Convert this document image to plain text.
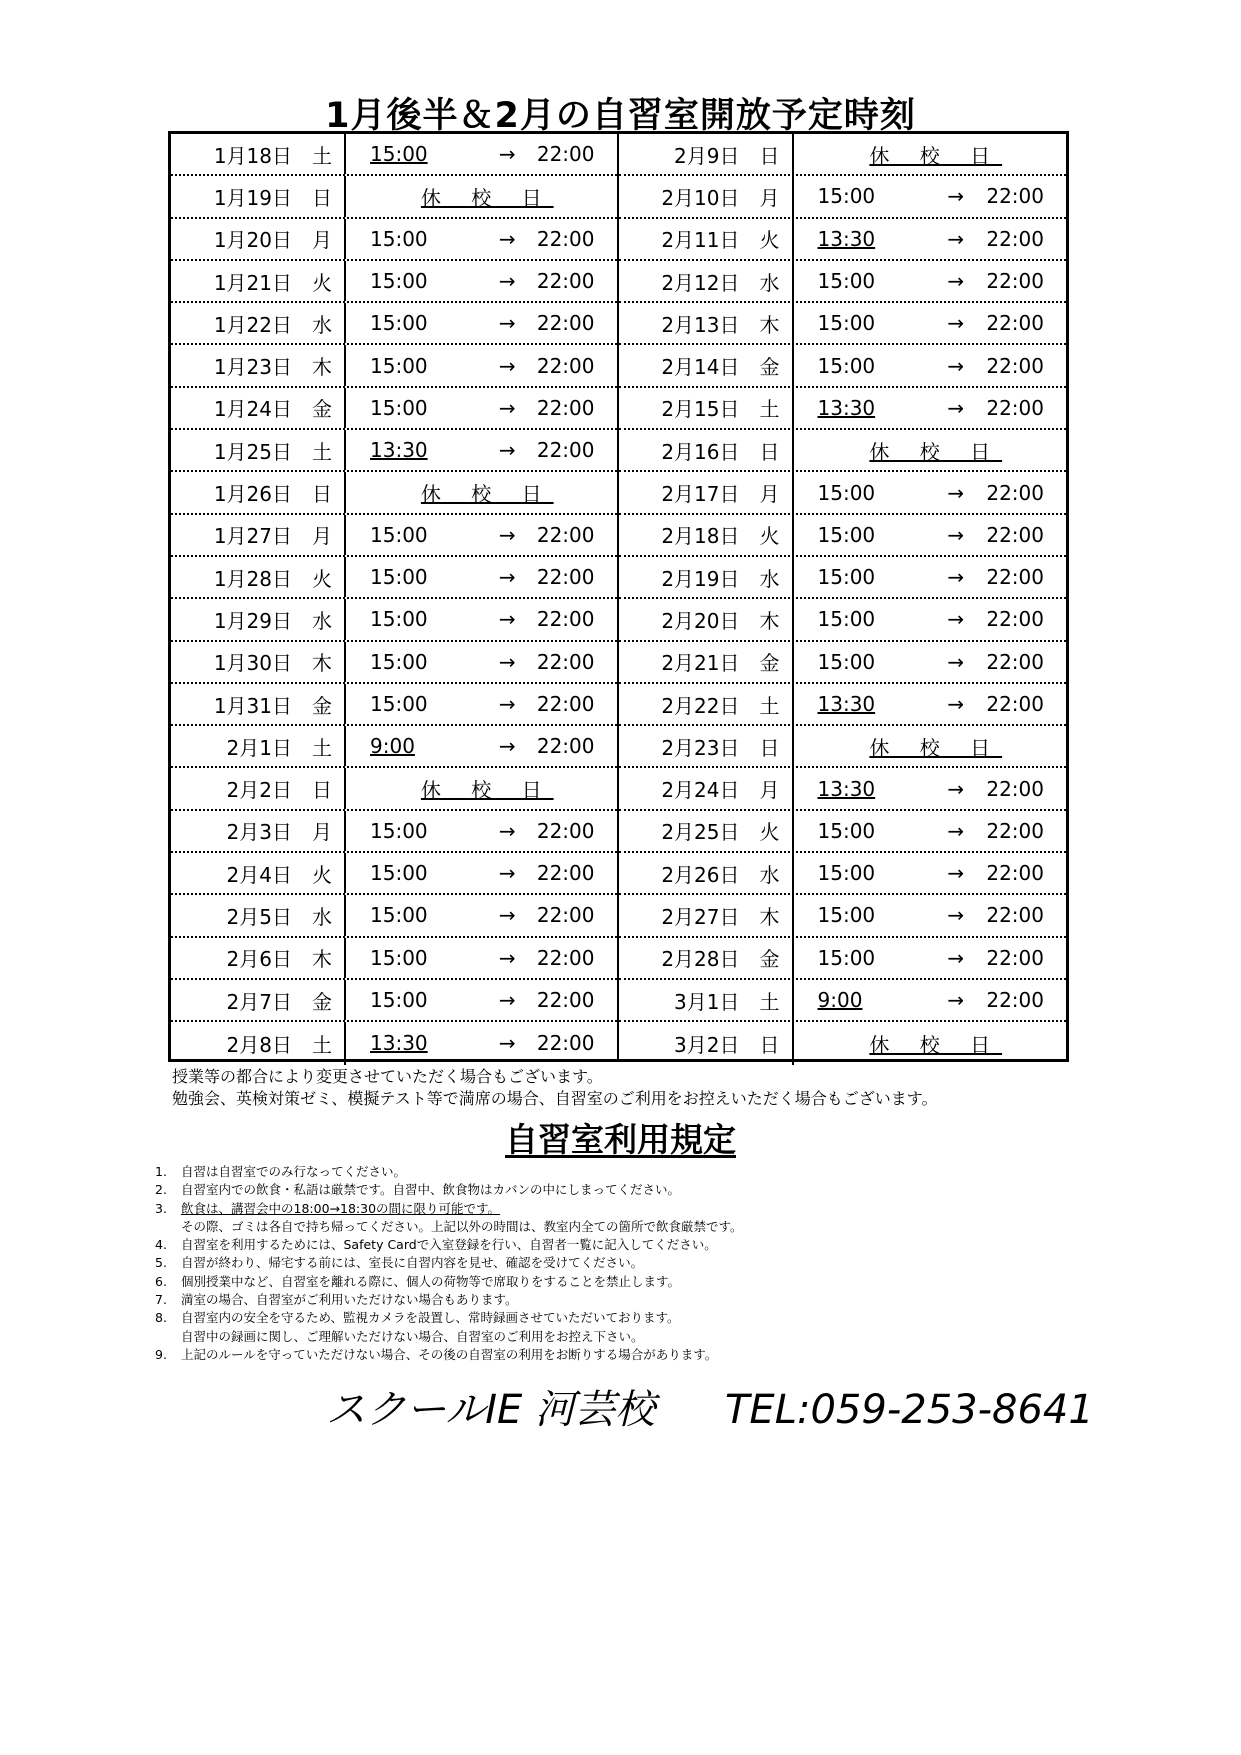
1月後半＆2月の自習室開放予定時刻
1月18日 土 15:00	→	22:00
1月19日 日	休 校 日
1月20日 月 15:00	→	22:00
1月21日 火 15:00	→	22:00
1月22日 水 15:00	→	22:00
1月23日 木 15:00	→	22:00
1月24日 金 15:00	→	22:00
1月25日 土 13:30	→	22:00
1月26日 日	休 校 日
1月27日 月 15:00	→	22:00
1月28日 火 15:00	→	22:00
1月29日 水 15:00	→	22:00
1月30日 木 15:00	→	22:00
1月31日 金 15:00	→	22:00
2月1日 土 9:00	→	22:00
2月2日 日	休 校 日
2月3日 月 15:00	→	22:00
2月4日 火 15:00	→	22:00
2月5日 水 15:00	→	22:00
2月6日 木 15:00	→	22:00
2月7日 金 15:00	→	22:00
2月8日 土 13:30	→	22:00
2月9日 日	休 校 日
2月10日 月 15:00	→	22:00
2月11日 火 13:30	→	22:00
2月12日 水 15:00	→	22:00
2月13日 木 15:00	→	22:00
2月14日 金 15:00	→	22:00
2月15日 土 13:30	→	22:00
2月16日 日	休 校 日
2月17日 月 15:00	→	22:00
2月18日 火 15:00	→	22:00
2月19日 水 15:00	→	22:00
2月20日 木 15:00	→	22:00
2月21日 金 15:00	→	22:00
2月22日 土 13:30	→	22:00
2月23日 日	休 校 日
2月24日 月 13:30	→	22:00
2月25日 火 15:00	→	22:00
2月26日 水 15:00	→	22:00
2月27日 木 15:00	→	22:00
2月28日 金 15:00	→	22:00
3月1日 土 9:00	→	22:00
3月2日 日	休 校 日
授業等の都合により変更させていただく場合もございます。
勉強会、英検対策ゼミ、模擬テスト等で満席の場合、自習室のご利用をお控えいただく場合もございます。
自習室利用規定
1. 自習は自習室でのみ行なってください。
2. 自習室内での飲食・私語は厳禁です。自習中、飲食物はカバンの中にしまってください。
3. 飲食は、講習会中の18:00→18:30の間に限り可能です。
その際、ゴミは各自で持ち帰ってください。上記以外の時間は、教室内全ての箇所で飲食厳禁です。
4. 自習室を利用するためには、Safety Cardで入室登録を行い、自習者一覧に記入してください。
5. 自習が終わり、帰宅する前には、室長に自習内容を見せ、確認を受けてください。
6. 個別授業中など、自習室を離れる際に、個人の荷物等で席取りをすることを禁止します。
7. 満室の場合、自習室がご利用いただけない場合もあります。
8. 自習室内の安全を守るため、監視カメラを設置し、常時録画させていただいております。
自習中の録画に関し、ご理解いただけない場合、自習室のご利用をお控え下さい。
9. 上記のルールを守っていただけない場合、その後の自習室の利用をお断りする場合があります。
スクールIE 河芸校 TEL:059-253-8641
